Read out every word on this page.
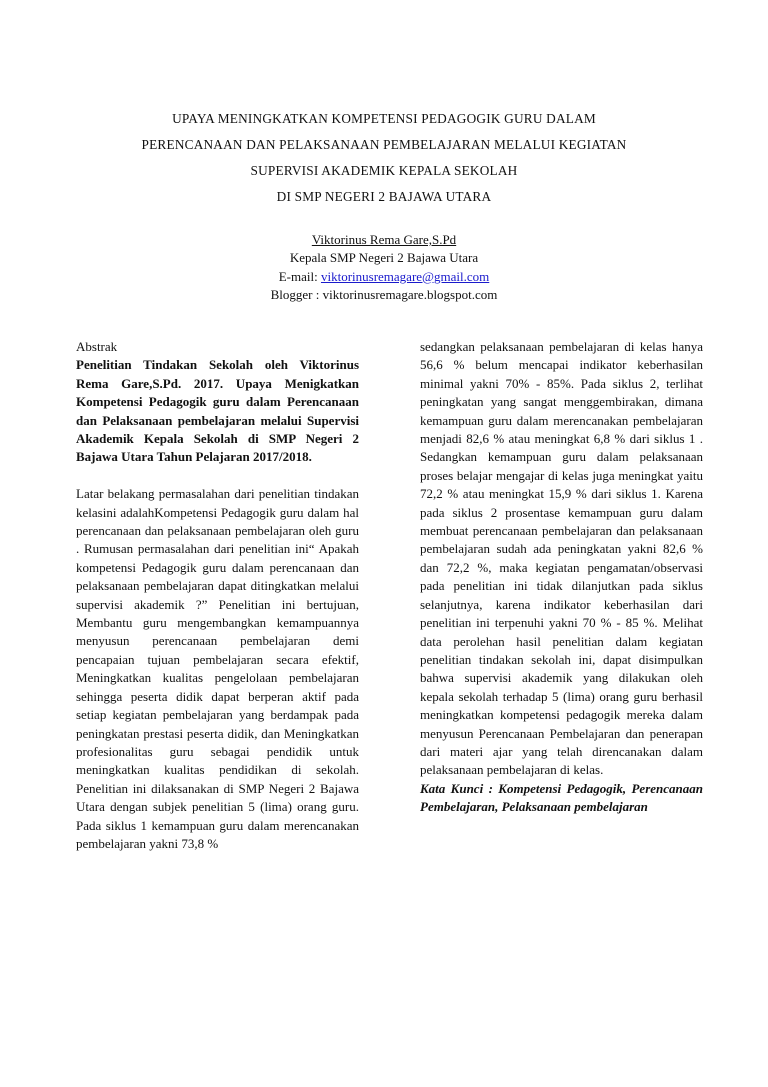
UPAYA MENINGKATKAN KOMPETENSI PEDAGOGIK GURU DALAM
PERENCANAAN DAN PELAKSANAAN PEMBELAJARAN MELALUI KEGIATAN
SUPERVISI AKADEMIK KEPALA SEKOLAH
DI SMP NEGERI 2 BAJAWA UTARA
Viktorinus Rema Gare,S.Pd
Kepala SMP Negeri 2 Bajawa Utara
E-mail: viktorinusremagare@gmail.com
Blogger : viktorinusremagare.blogspot.com

Abstrak

Penelitian Tindakan Sekolah oleh Viktorinus Rema Gare,S.Pd. 2017. Upaya Menigkatkan Kompetensi Pedagogik guru dalam Perencanaan dan Pelaksanaan pembelajaran melalui Supervisi Akademik Kepala Sekolah di SMP Negeri 2 Bajawa Utara Tahun Pelajaran 2017/2018.

Latar belakang permasalahan dari penelitian tindakan kelasini adalahKompetensi Pedagogik guru dalam hal perencanaan dan pelaksanaan pembelajaran oleh guru . Rumusan permasalahan dari penelitian ini“ Apakah kompetensi Pedagogik guru dalam perencanaan dan pelaksanaan pembelajaran dapat ditingkatkan melalui supervisi akademik ?” Penelitian ini bertujuan, Membantu guru mengembangkan kemampuannya menyusun perencanaan pembelajaran demi pencapaian tujuan pembelajaran secara efektif, Meningkatkan kualitas pengelolaan pembelajaran sehingga peserta didik dapat berperan aktif pada setiap kegiatan pembelajaran yang berdampak pada peningkatan prestasi peserta didik, dan Meningkatkan profesionalitas guru sebagai pendidik untuk meningkatkan kualitas pendidikan di sekolah. Penelitian ini dilaksanakan di SMP Negeri 2 Bajawa Utara dengan subjek penelitian 5 (lima) orang guru. Pada siklus 1 kemampuan guru dalam merencanakan pembelajaran yakni 73,8 %

sedangkan pelaksanaan pembelajaran di kelas hanya 56,6 % belum mencapai indikator keberhasilan minimal yakni 70% - 85%. Pada siklus 2, terlihat peningkatan yang sangat menggembirakan, dimana kemampuan guru dalam merencanakan pembelajaran menjadi 82,6 % atau meningkat 6,8 % dari siklus 1 . Sedangkan kemampuan guru dalam pelaksanaan proses belajar mengajar di kelas juga meningkat yaitu 72,2 % atau meningkat 15,9 % dari siklus 1. Karena pada siklus 2 prosentase kemampuan guru dalam membuat perencanaan pembelajaran dan pelaksanaan pembelajaran sudah ada peningkatan yakni 82,6 % dan 72,2 %, maka kegiatan pengamatan/observasi pada penelitian ini tidak dilanjutkan pada siklus selanjutnya, karena indikator keberhasilan dari penelitian ini terpenuhi yakni 70 % - 85 %. Melihat data perolehan hasil penelitian dalam kegiatan penelitian tindakan sekolah ini, dapat disimpulkan bahwa supervisi akademik yang dilakukan oleh kepala sekolah terhadap 5 (lima) orang guru berhasil meningkatkan kompetensi pedagogik mereka dalam menyusun Perencanaan Pembelajaran dan penerapan dari materi ajar yang telah direncanakan dalam pelaksanaan pembelajaran di kelas.

Kata Kunci : Kompetensi Pedagogik, Perencanaan Pembelajaran, Pelaksanaan pembelajaran
